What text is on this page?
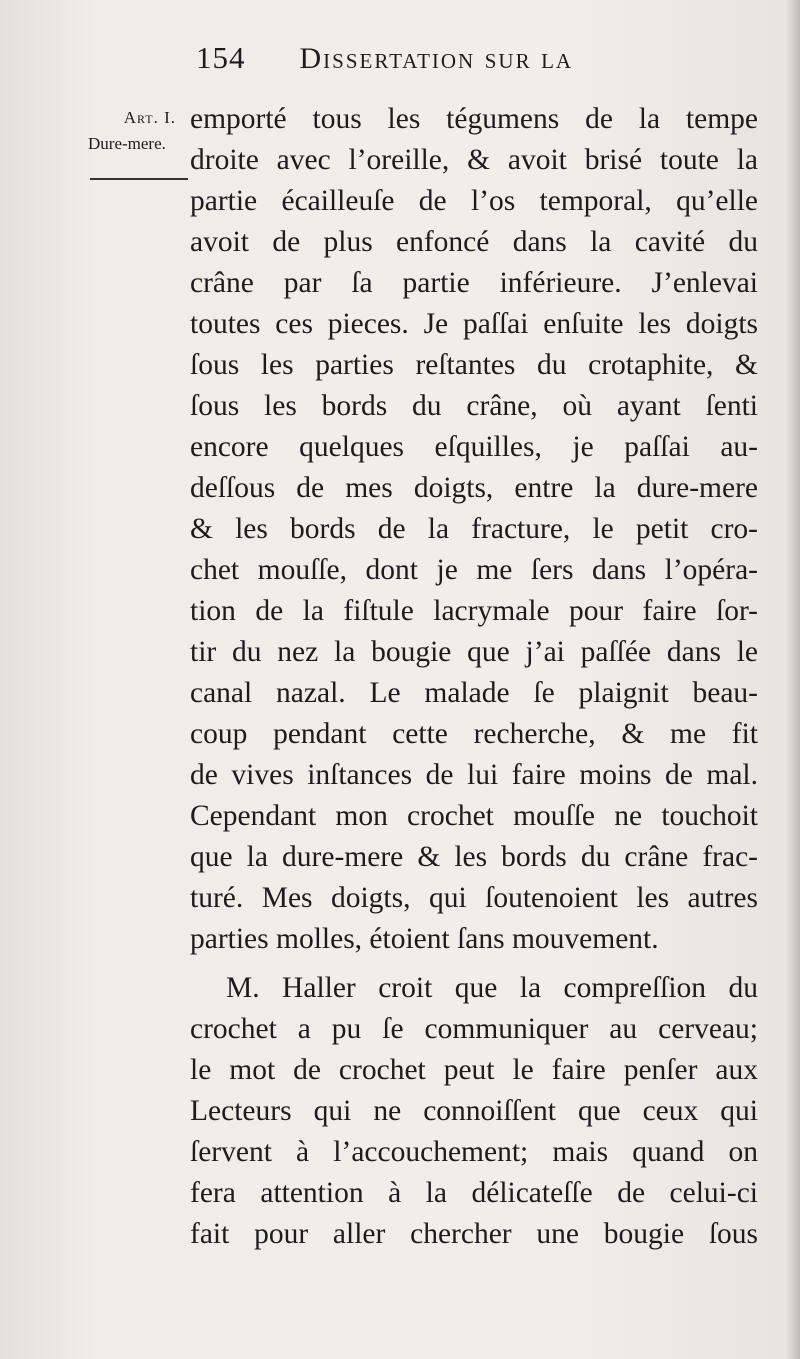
154 Dissertation sur la
Art. I.
Dure-mere.
emporté tous les tégumens de la tempe
droite avec l’oreille, & avoit brisé toute la
partie écailleuſe de l’os temporal, qu’elle
avoit de plus enfoncé dans la cavité du
crâne par ſa partie inférieure. J’enlevai
toutes ces pieces. Je paſſai enſuite les doigts
ſous les parties reſtantes du crotaphite, &
ſous les bords du crâne, où ayant ſenti
encore quelques eſquilles, je paſſai au-
deſſous de mes doigts, entre la dure-mere
& les bords de la fracture, le petit cro-
chet mouſſe, dont je me ſers dans l’opéra-
tion de la fiſtule lacrymale pour faire ſor-
tir du nez la bougie que j’ai paſſée dans le
canal nazal. Le malade ſe plaignit beau-
coup pendant cette recherche, & me fit
de vives inſtances de lui faire moins de mal.
Cependant mon crochet mouſſe ne touchoit
que la dure-mere & les bords du crâne frac-
turé. Mes doigts, qui ſoutenoient les autres
parties molles, étoient ſans mouvement.
M. Haller croit que la compreſſion du
crochet a pu ſe communiquer au cerveau;
le mot de crochet peut le faire penſer aux
Lecteurs qui ne connoiſſent que ceux qui
ſervent à l’accouchement; mais quand on
fera attention à la délicateſſe de celui-ci
fait pour aller chercher une bougie ſous
